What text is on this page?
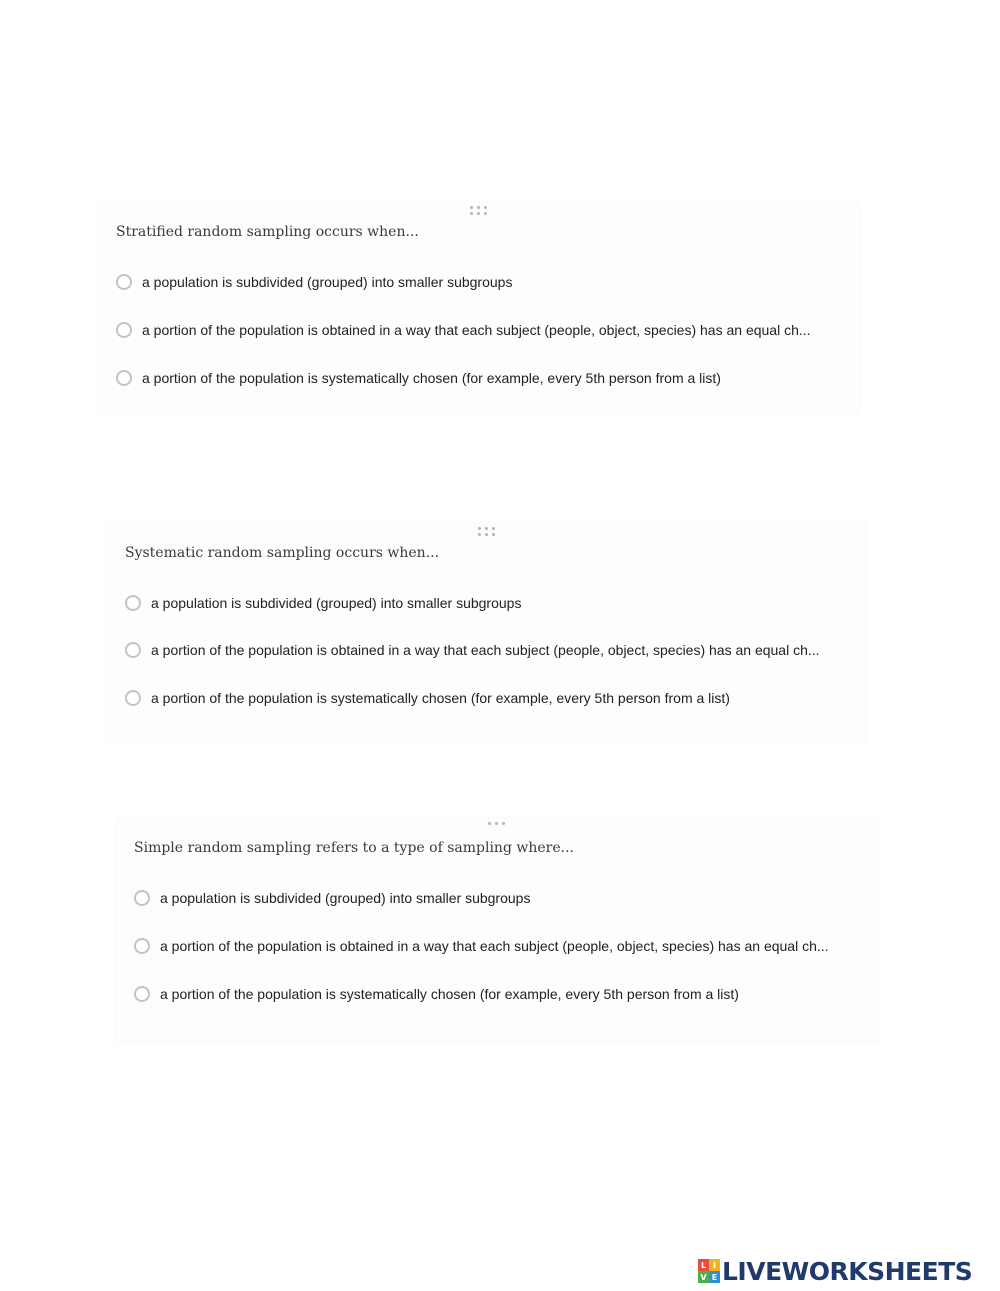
Stratified random sampling occurs when...
a population is subdivided (grouped) into smaller subgroups
a portion of the population is obtained in a way that each subject (people, object, species) has an equal ch...
a portion of the population is systematically chosen (for example, every 5th person from a list)
Systematic random sampling occurs when...
a population is subdivided (grouped) into smaller subgroups
a portion of the population is obtained in a way that each subject (people, object, species) has an equal ch...
a portion of the population is systematically chosen (for example, every 5th person from a list)
Simple random sampling refers to a type of sampling where...
a population is subdivided (grouped) into smaller subgroups
a portion of the population is obtained in a way that each subject (people, object, species) has an equal ch...
a portion of the population is systematically chosen (for example, every 5th person from a list)
L I
V E LIVEWORKSHEETS
